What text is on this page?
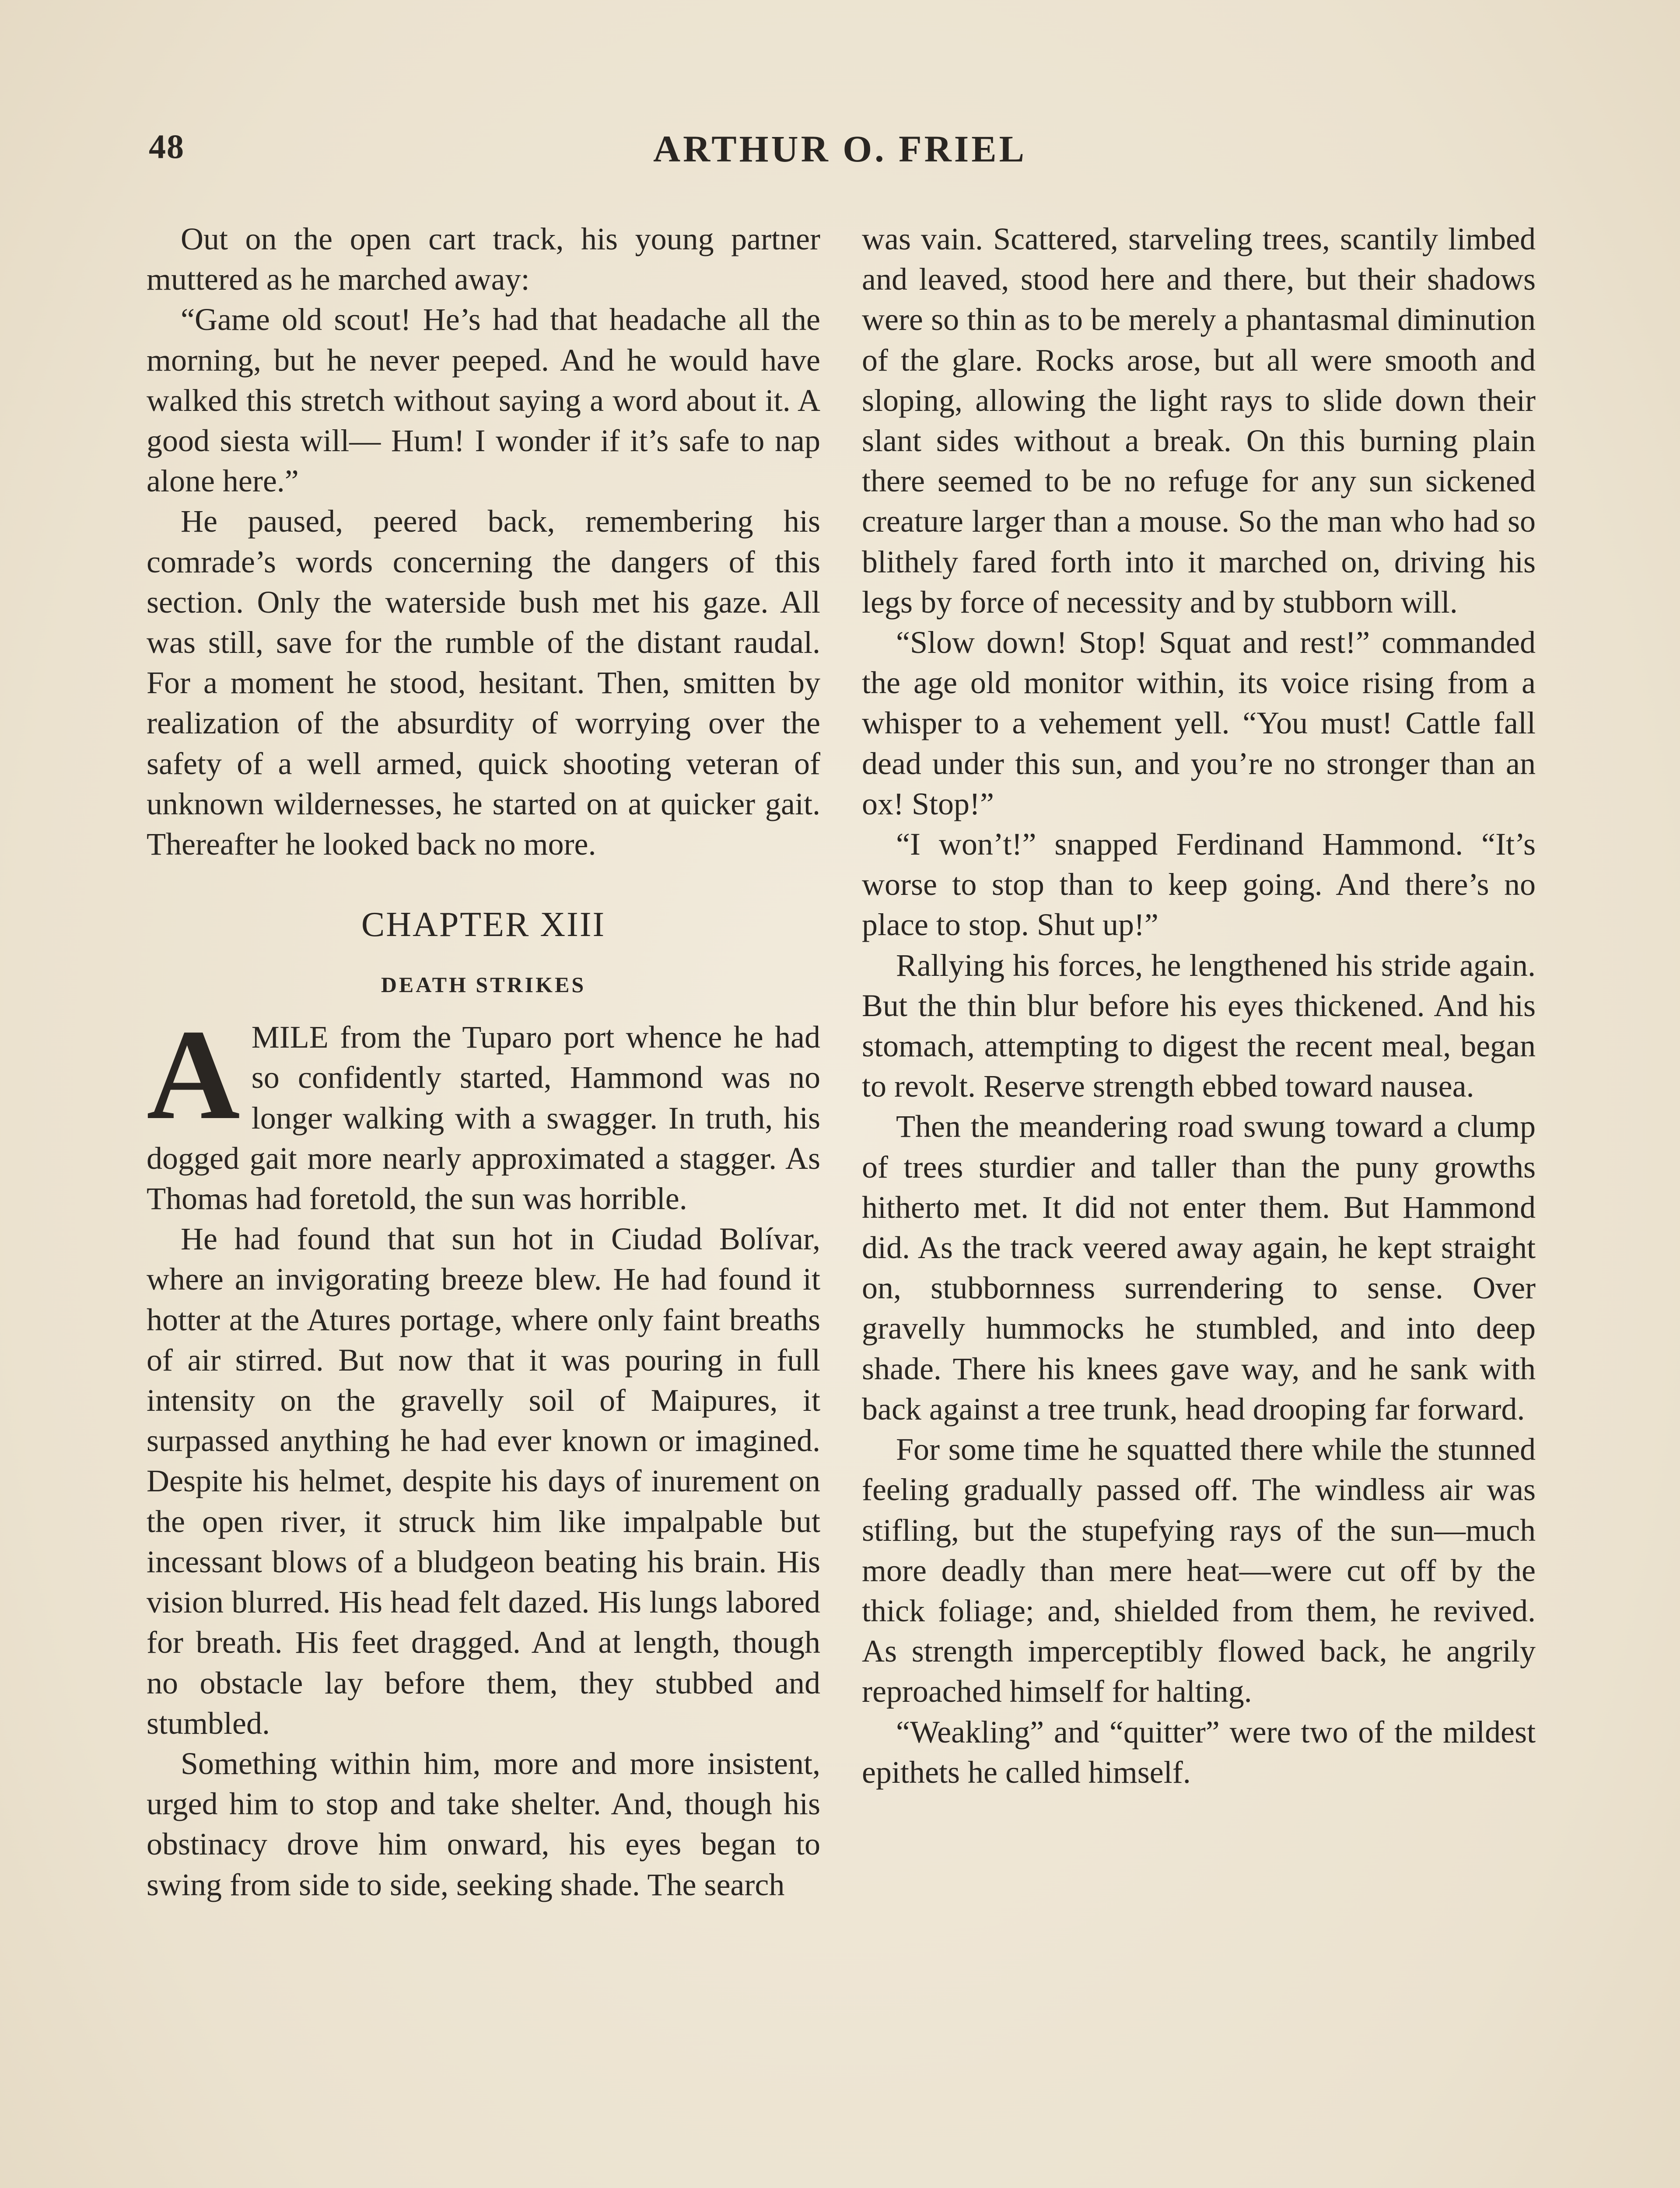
48	ARTHUR O. FRIEL

Out on the open cart track, his young partner muttered as he marched away:

“Game old scout! He’s had that headache all the morning, but he never peeped. And he would have walked this stretch without saying a word about it. A good siesta will— Hum! I wonder if it’s safe to nap alone here.”

He paused, peered back, remembering his comrade’s words concerning the dangers of this section. Only the waterside bush met his gaze. All was still, save for the rumble of the distant raudal. For a moment he stood, hesitant. Then, smitten by realization of the absurdity of worrying over the safety of a well armed, quick shooting veteran of unknown wildernesses, he started on at quicker gait. Thereafter he looked back no more.

CHAPTER XIII
DEATH STRIKES

AMILE from the Tuparo port whence he had so confidently started, Hammond was no longer walking with a swagger. In truth, his dogged gait more nearly approximated a stagger. As Thomas had foretold, the sun was horrible.

He had found that sun hot in Ciudad Bolívar, where an invigorating breeze blew. He had found it hotter at the Atures portage, where only faint breaths of air stirred. But now that it was pouring in full intensity on the gravelly soil of Maipures, it surpassed anything he had ever known or imagined. Despite his helmet, despite his days of inurement on the open river, it struck him like impalpable but incessant blows of a bludgeon beating his brain. His vision blurred. His head felt dazed. His lungs labored for breath. His feet dragged. And at length, though no obstacle lay before them, they stubbed and stumbled.

Something within him, more and more insistent, urged him to stop and take shelter. And, though his obstinacy drove him onward, his eyes began to swing from side to side, seeking shade. The search

was vain. Scattered, starveling trees, scantily limbed and leaved, stood here and there, but their shadows were so thin as to be merely a phantasmal diminution of the glare. Rocks arose, but all were smooth and sloping, allowing the light rays to slide down their slant sides without a break. On this burning plain there seemed to be no refuge for any sun sickened creature larger than a mouse. So the man who had so blithely fared forth into it marched on, driving his legs by force of necessity and by stubborn will.

“Slow down! Stop! Squat and rest!” commanded the age old monitor within, its voice rising from a whisper to a vehement yell. “You must! Cattle fall dead under this sun, and you’re no stronger than an ox! Stop!”

“I won’t!” snapped Ferdinand Hammond. “It’s worse to stop than to keep going. And there’s no place to stop. Shut up!”

Rallying his forces, he lengthened his stride again. But the thin blur before his eyes thickened. And his stomach, attempting to digest the recent meal, began to revolt. Reserve strength ebbed toward nausea.

Then the meandering road swung toward a clump of trees sturdier and taller than the puny growths hitherto met. It did not enter them. But Hammond did. As the track veered away again, he kept straight on, stubbornness surrendering to sense. Over gravelly hummocks he stumbled, and into deep shade. There his knees gave way, and he sank with back against a tree trunk, head drooping far forward.

For some time he squatted there while the stunned feeling gradually passed off. The windless air was stifling, but the stupefying rays of the sun—much more deadly than mere heat—were cut off by the thick foliage; and, shielded from them, he revived. As strength imperceptibly flowed back, he angrily reproached himself for halting.

“Weakling” and “quitter” were two of the mildest epithets he called himself.
